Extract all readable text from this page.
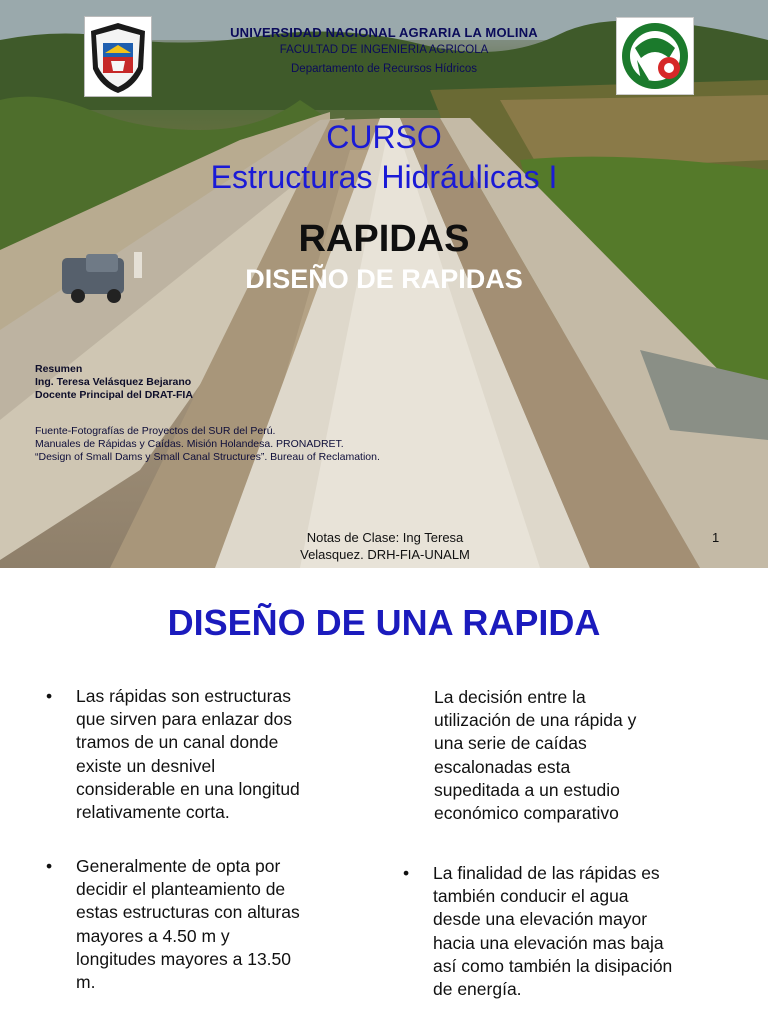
UNIVERSIDAD NACIONAL AGRARIA LA MOLINA
FACULTAD DE INGENIERIA AGRICOLA
Departamento de Recursos Hídricos
CURSO
Estructuras Hidráulicas I
RAPIDAS
DISEÑO DE RAPIDAS
Resumen
Ing. Teresa Velásquez Bejarano
Docente Principal del DRAT-FIA
Fuente-Fotografías de Proyectos del SUR del Perú.
Manuales de Rápidas y Caídas. Misión Holandesa. PRONADRET.
“Design of Small Dams y Small Canal Structures”. Bureau of Reclamation.
Notas de Clase: Ing Teresa
Velasquez. DRH-FIA-UNALM
1
DISEÑO DE UNA RAPIDA
• Las rápidas son estructuras
que sirven para enlazar dos
tramos de un canal donde
existe un desnivel
considerable en una longitud
relativamente corta.
• Generalmente de opta por
decidir el planteamiento de
estas estructuras con alturas
mayores a 4.50 m y
longitudes mayores a 13.50
m.
La decisión entre la
utilización de una rápida y
una serie de caídas
escalonadas esta
supeditada a un estudio
económico comparativo
• La finalidad de las rápidas es
también conducir el agua
desde una elevación mayor
hacia una elevación mas baja
así como también la disipación
de energía.
